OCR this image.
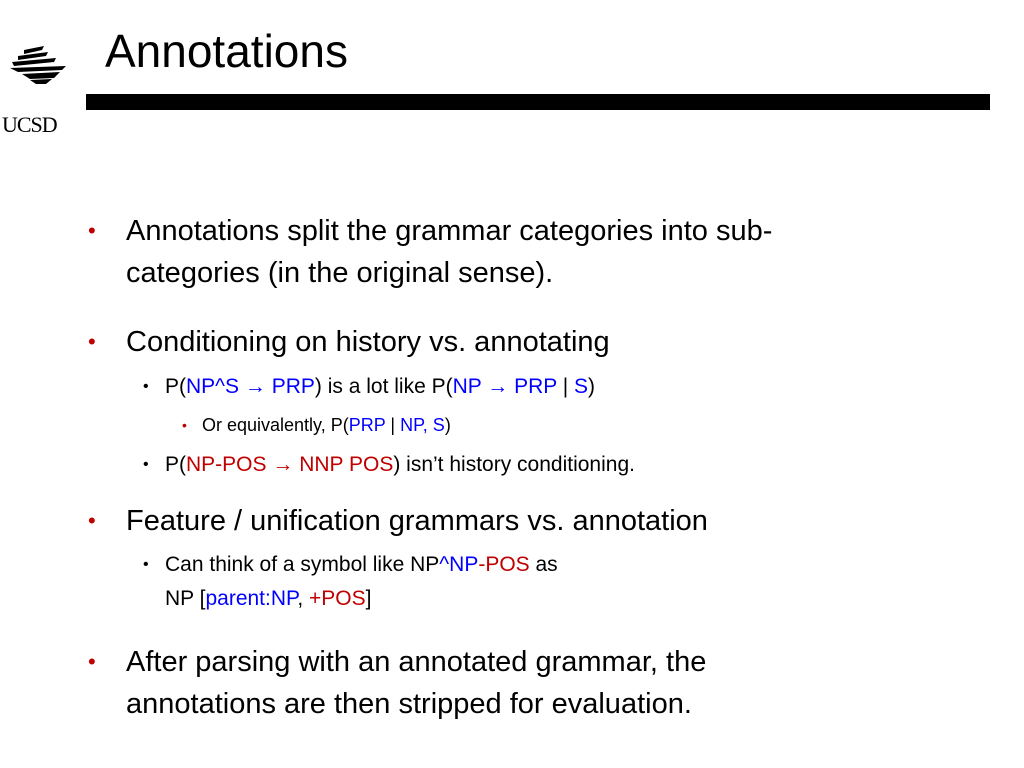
UCSD
Annotations
• Annotations split the grammar categories into sub-
categories (in the original sense).
• Conditioning on history vs. annotating
• P(NP^S → PRP) is a lot like P(NP → PRP | S)
• Or equivalently, P(PRP | NP, S)
• P(NP-POS → NNP POS) isn’t history conditioning.
• Feature / unification grammars vs. annotation
• Can think of a symbol like NP^NP-POS as
NP [parent:NP, +POS]
• After parsing with an annotated grammar, the
annotations are then stripped for evaluation.
